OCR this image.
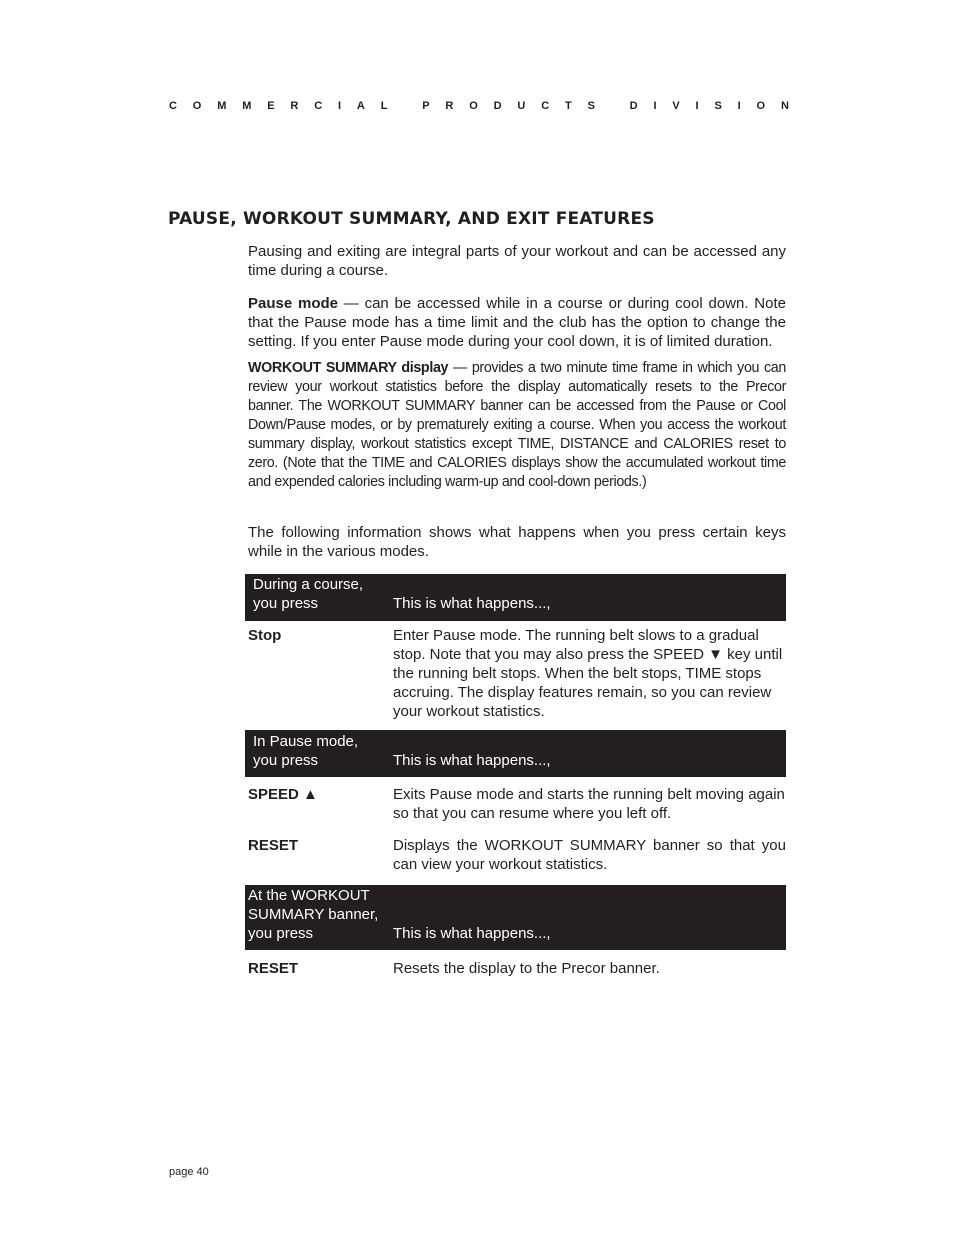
C O M M E R C I A L
	P R O D U C T S
	D I V I S I O N
PAUSE, WORKOUT SUMMARY, AND EXIT FEATURES

Pausing and exiting are integral parts of your workout and can be accessed any time during a course.

Pause mode — can be accessed while in a course or during cool down. Note that the Pause mode has a time limit and the club has the option to change the setting. If you enter Pause mode during your cool down, it is of limited duration.

WORKOUT SUMMARY display — provides a two minute time frame in which you can review your workout statistics before the display automatically resets to the Precor banner. The WORKOUT SUMMARY banner can be accessed from the Pause or Cool Down/Pause modes, or by prematurely exiting a course. When you access the workout summary display, workout statistics except TIME, DISTANCE and CALORIES reset to zero. (Note that the TIME and CALORIES displays show the accumulated workout time and expended calories including warm-up and cool-down periods.)

The following information shows what happens when you press certain keys while in the various modes.

During a course,
you press	This is what happens...,
Stop	Enter Pause mode. The running belt slows to a gradual stop. Note that you may also press the SPEED ▼ key until the running belt stops. When the belt stops, TIME stops accruing. The display features remain, so you can review your workout statistics.
In Pause mode,
you press	This is what happens...,
SPEED ▲	Exits Pause mode and starts the running belt moving again so that you can resume where you left off.
RESET	Displays the WORKOUT SUMMARY banner so that you can view your workout statistics.
At the WORKOUT
SUMMARY banner,
you press	This is what happens...,
RESET	Resets the display to the Precor banner.
page 40
